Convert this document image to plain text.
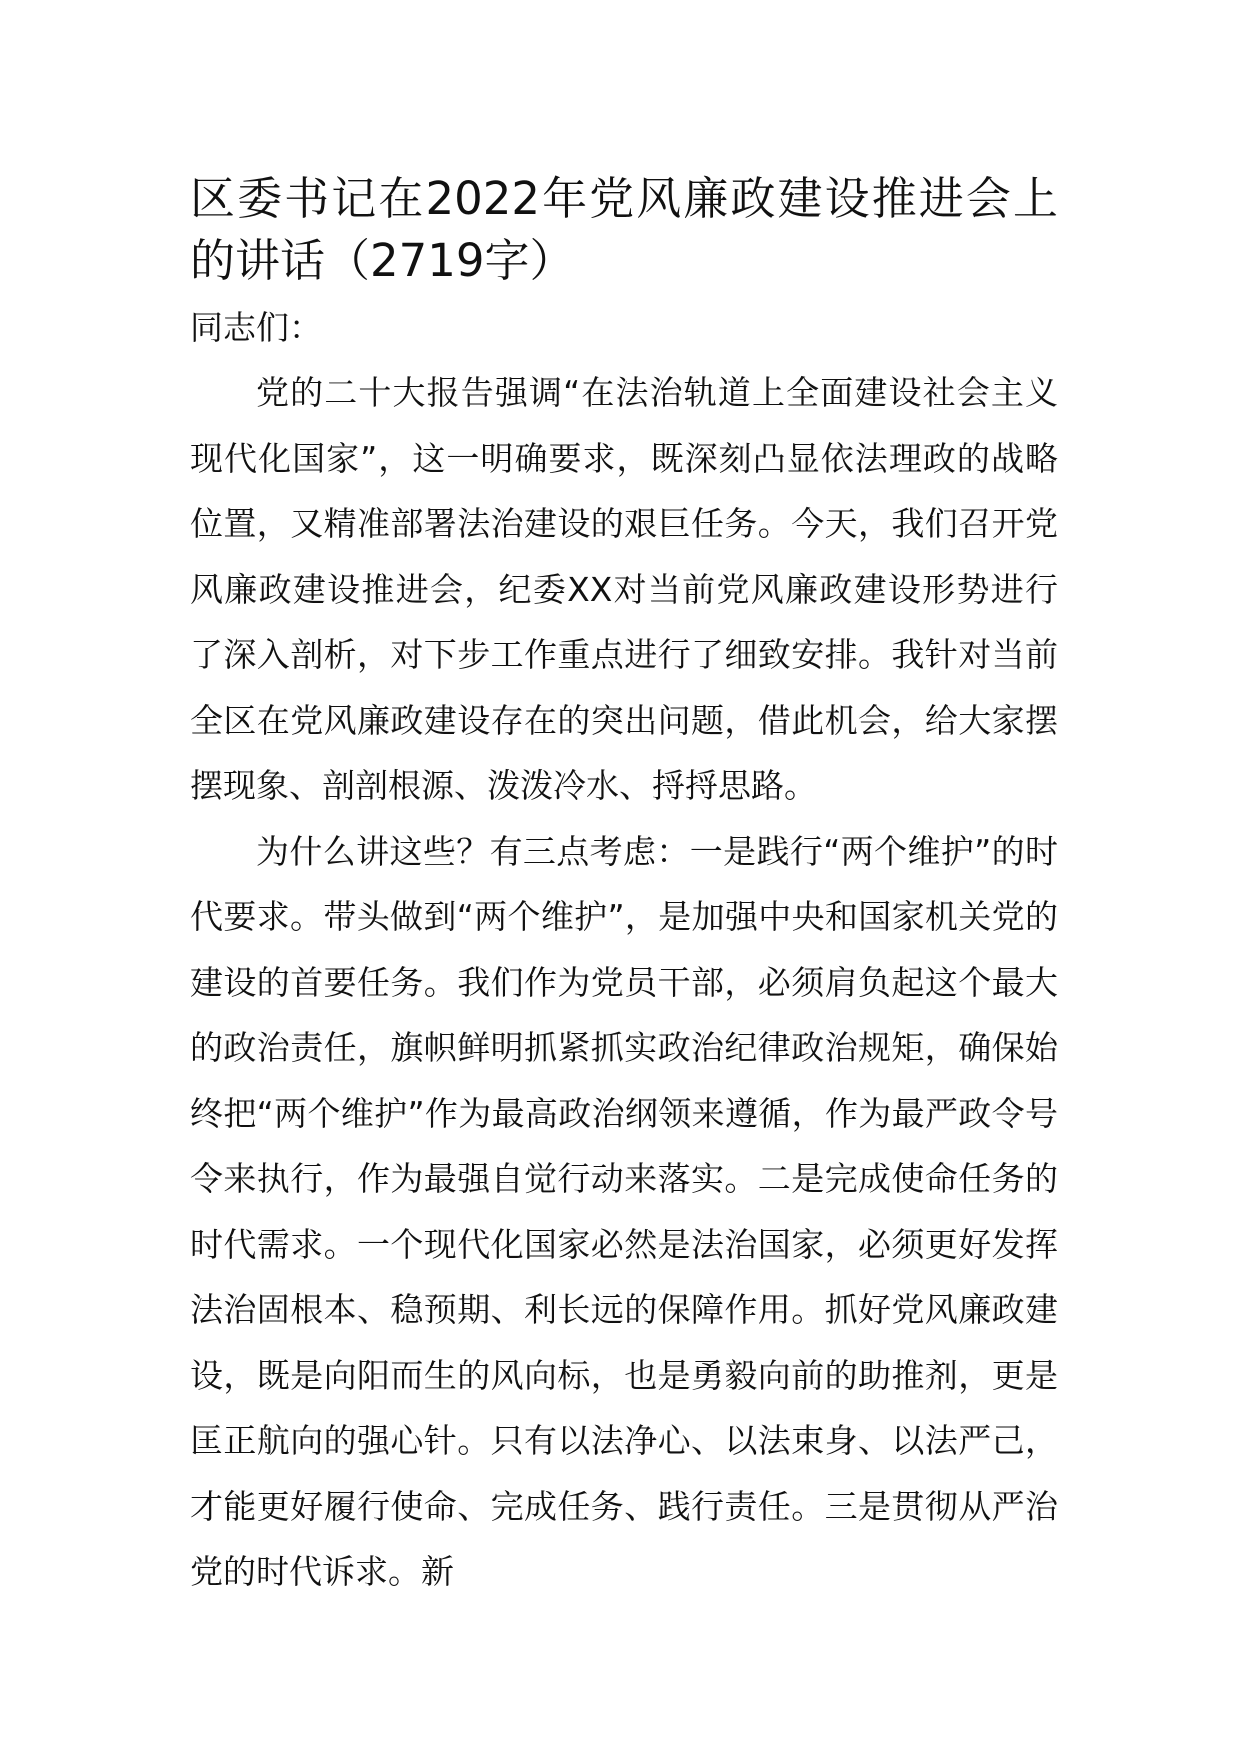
区委书记在2022年党风廉政建设推进会上的讲话（2719字）

同志们：

党的二十大报告强调“在法治轨道上全面建设社会主义现代化国家”，这一明确要求，既深刻凸显依法理政的战略位置，又精准部署法治建设的艰巨任务。今天，我们召开党风廉政建设推进会，纪委XX对当前党风廉政建设形势进行了深入剖析，对下步工作重点进行了细致安排。我针对当前全区在党风廉政建设存在的突出问题，借此机会，给大家摆摆现象、剖剖根源、泼泼冷水、捋捋思路。

为什么讲这些？有三点考虑：一是践行“两个维护”的时代要求。带头做到“两个维护”，是加强中央和国家机关党的建设的首要任务。我们作为党员干部，必须肩负起这个最大的政治责任，旗帜鲜明抓紧抓实政治纪律政治规矩，确保始终把“两个维护”作为最高政治纲领来遵循，作为最严政令号令来执行，作为最强自觉行动来落实。二是完成使命任务的时代需求。一个现代化国家必然是法治国家，必须更好发挥法治固根本、稳预期、利长远的保障作用。抓好党风廉政建设，既是向阳而生的风向标，也是勇毅向前的助推剂，更是匡正航向的强心针。只有以法净心、以法束身、以法严己，才能更好履行使命、完成任务、践行责任。三是贯彻从严治党的时代诉求。新
